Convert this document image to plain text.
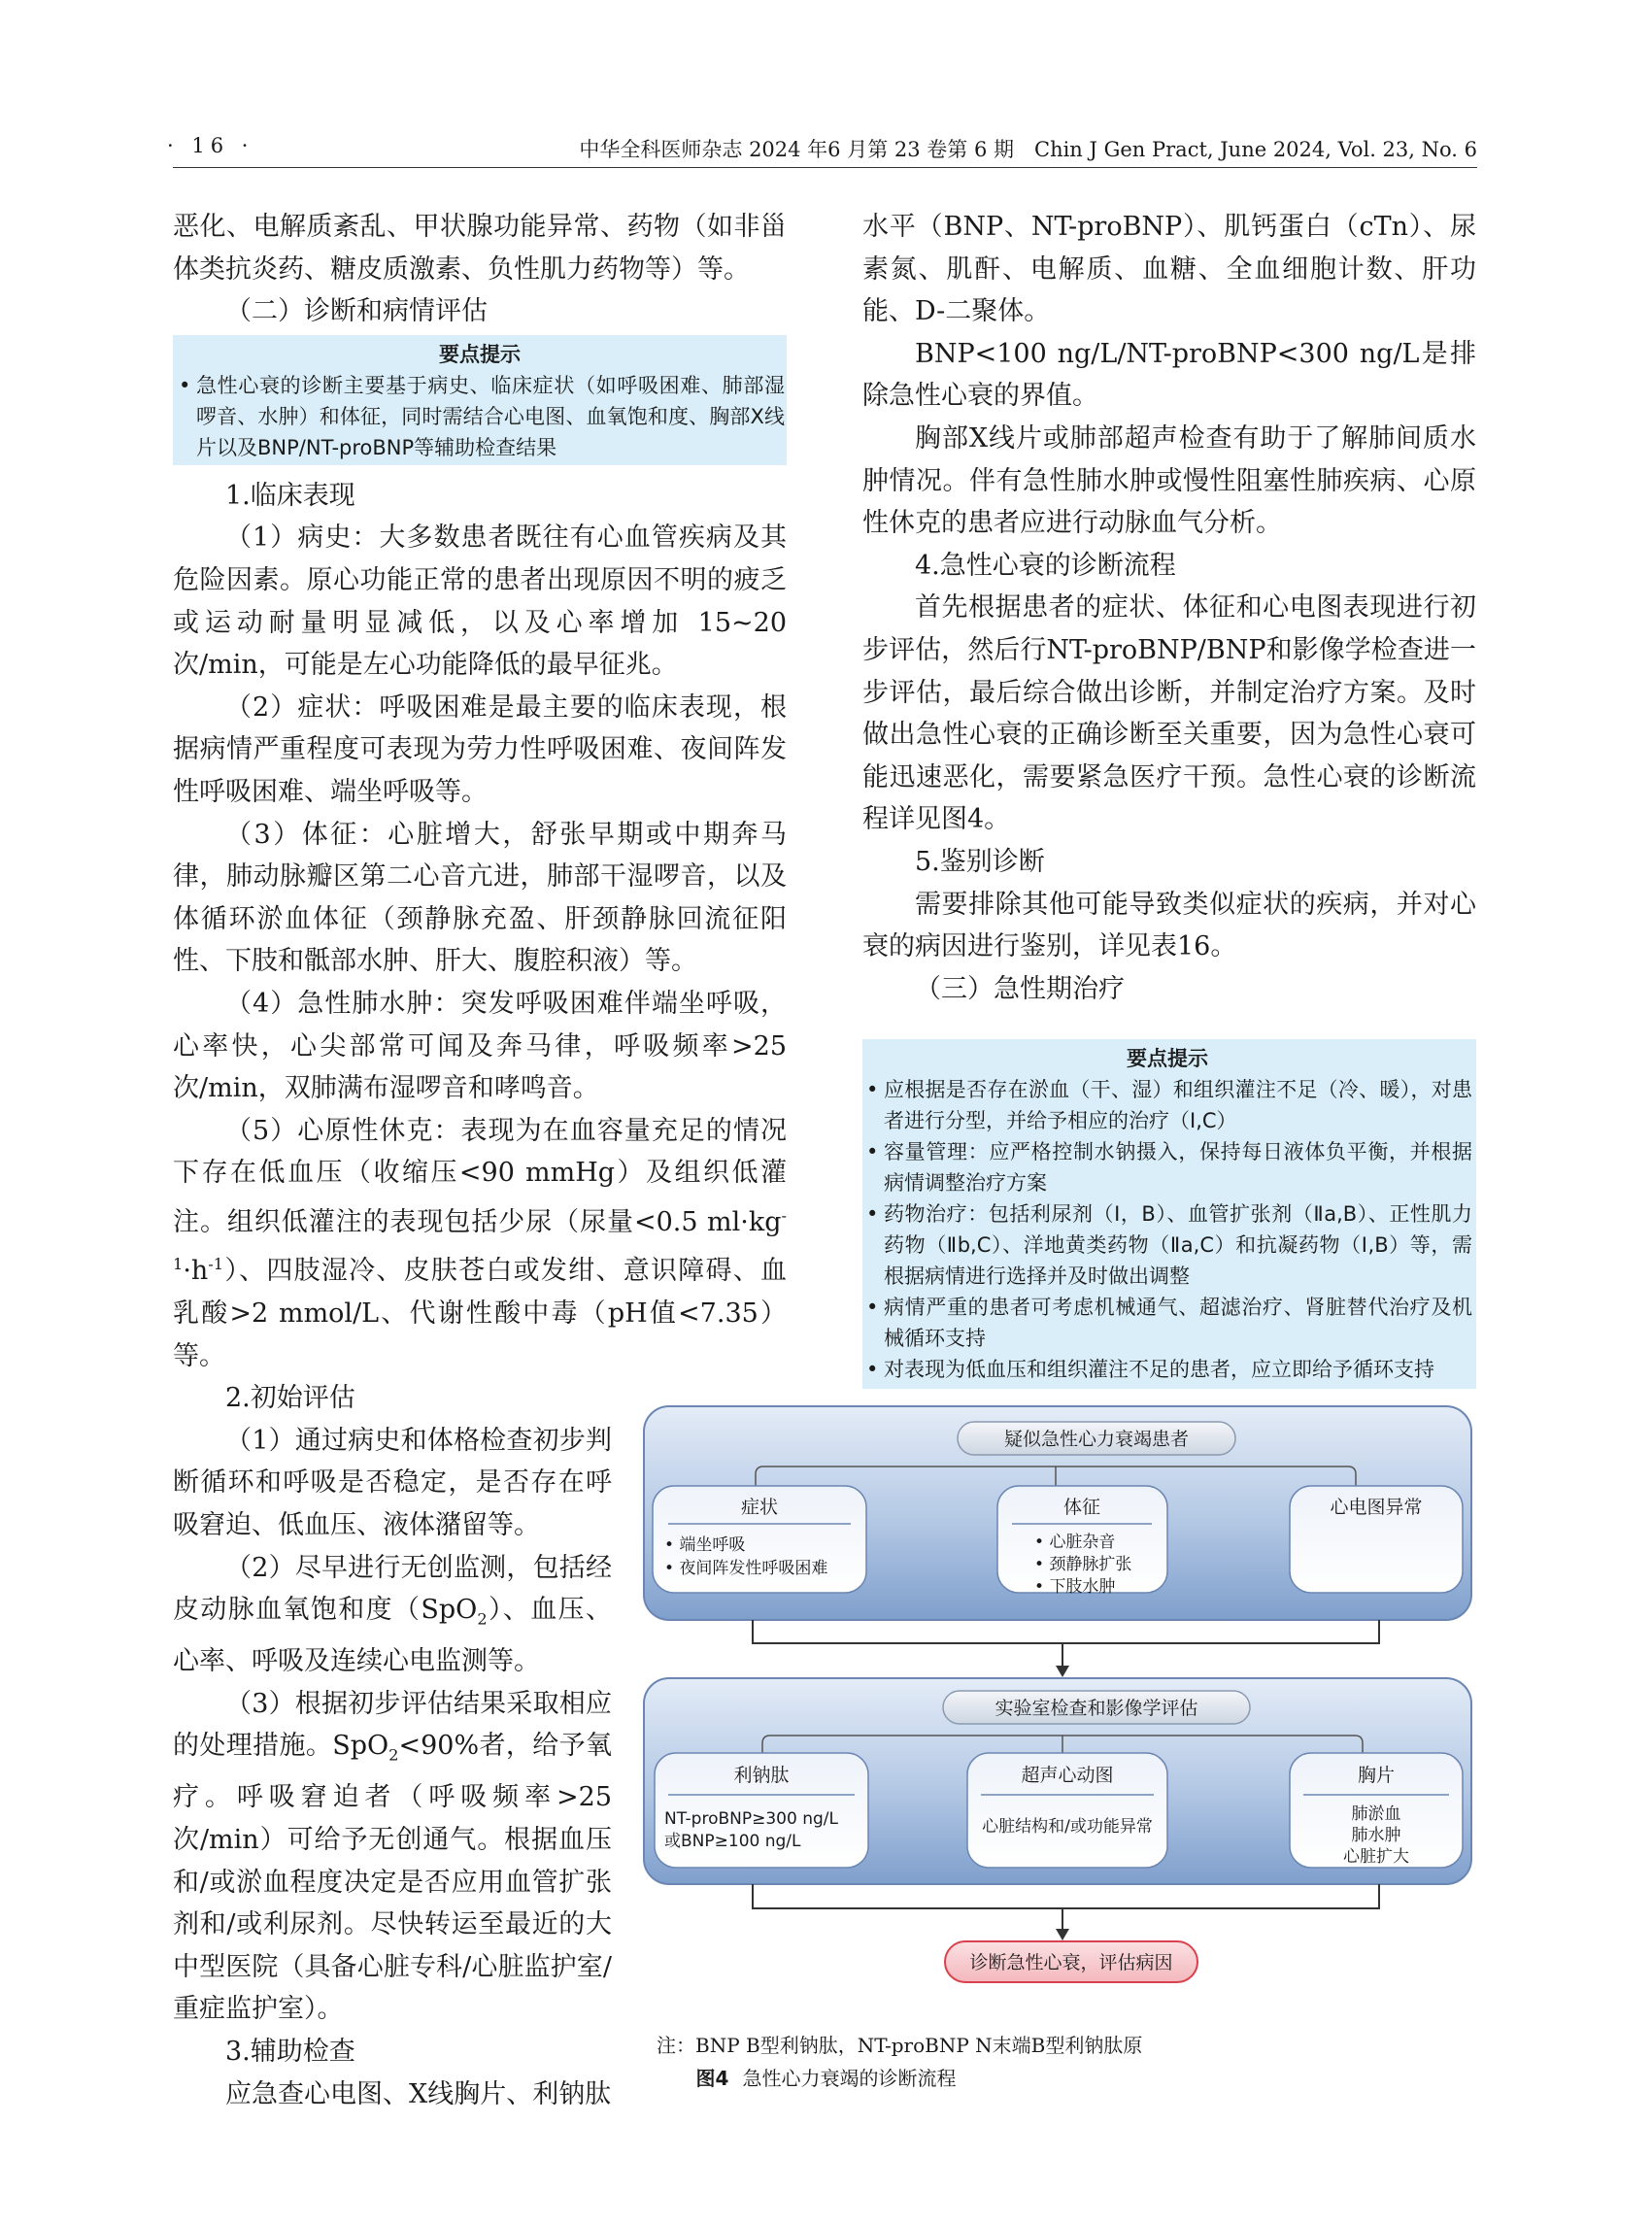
· 16 ·	中华全科医师杂志 2024 年6 月第 23 卷第 6 期　Chin J Gen Pract, June 2024, Vol. 23, No. 6

恶化、电解质紊乱、甲状腺功能异常、药物（如非甾体类抗炎药、糖皮质激素、负性肌力药物等）等。

（二）诊断和病情评估

要点提示
• 急性心衰的诊断主要基于病史、临床症状（如呼吸困难、肺部湿啰音、水肿）和体征，同时需结合心电图、血氧饱和度、胸部X线片以及BNP/NT-proBNP等辅助检查结果

1.临床表现

（1）病史：大多数患者既往有心血管疾病及其危险因素。原心功能正常的患者出现原因不明的疲乏或运动耐量明显减低，以及心率增加 15~20次/min，可能是左心功能降低的最早征兆。

（2）症状：呼吸困难是最主要的临床表现，根据病情严重程度可表现为劳力性呼吸困难、夜间阵发性呼吸困难、端坐呼吸等。

（3）体征：心脏增大，舒张早期或中期奔马律，肺动脉瓣区第二心音亢进，肺部干湿啰音，以及体循环淤血体征（颈静脉充盈、肝颈静脉回流征阳性、下肢和骶部水肿、肝大、腹腔积液）等。

（4）急性肺水肿：突发呼吸困难伴端坐呼吸，心率快，心尖部常可闻及奔马律，呼吸频率>25次/min，双肺满布湿啰音和哮鸣音。

（5）心原性休克：表现为在血容量充足的情况下存在低血压（收缩压<90 mmHg）及组织低灌注。组织低灌注的表现包括少尿（尿量<0.5 $ml\cdot kg^{-1}\cdot h^{-1}$）、四肢湿冷、皮肤苍白或发绀、意识障碍、血乳酸>2 mmol/L、代谢性酸中毒（pH值<7.35）等。

2.初始评估

（1）通过病史和体格检查初步判断循环和呼吸是否稳定，是否存在呼吸窘迫、低血压、液体潴留等。

（2）尽早进行无创监测，包括经皮动脉血氧饱和度（SpO$_2$）、血压、心率、呼吸及连续心电监测等。

（3）根据初步评估结果采取相应的处理措施。SpO$_2$<90%者，给予氧疗。呼吸窘迫者（呼吸频率>25次/min）可给予无创通气。根据血压和/或淤血程度决定是否应用血管扩张剂和/或利尿剂。尽快转运至最近的大中型医院（具备心脏专科/心脏监护室/重症监护室）。

3.辅助检查

应急查心电图、X线胸片、利钠肽

水平（BNP、NT-proBNP）、肌钙蛋白（cTn）、尿素氮、肌酐、电解质、血糖、全血细胞计数、肝功能、D-二聚体。

BNP<100 ng/L/NT-proBNP<300 ng/L是排除急性心衰的界值。

胸部X线片或肺部超声检查有助于了解肺间质水肿情况。伴有急性肺水肿或慢性阻塞性肺疾病、心原性休克的患者应进行动脉血气分析。

4.急性心衰的诊断流程

首先根据患者的症状、体征和心电图表现进行初步评估，然后行NT-proBNP/BNP和影像学检查进一步评估，最后综合做出诊断，并制定治疗方案。及时做出急性心衰的正确诊断至关重要，因为急性心衰可能迅速恶化，需要紧急医疗干预。急性心衰的诊断流程详见图4。

5.鉴别诊断

需要排除其他可能导致类似症状的疾病，并对心衰的病因进行鉴别，详见表16。

（三）急性期治疗

要点提示
• 应根据是否存在淤血（干、湿）和组织灌注不足（冷、暖），对患者进行分型，并给予相应的治疗（Ⅰ,C）
• 容量管理：应严格控制水钠摄入，保持每日液体负平衡，并根据病情调整治疗方案
• 药物治疗：包括利尿剂（Ⅰ，B）、血管扩张剂（Ⅱa,B）、正性肌力药物（Ⅱb,C）、洋地黄类药物（Ⅱa,C）和抗凝药物（Ⅰ,B）等，需根据病情进行选择并及时做出调整
• 病情严重的患者可考虑机械通气、超滤治疗、肾脏替代治疗及机械循环支持
• 对表现为低血压和组织灌注不足的患者，应立即给予循环支持
疑似急性心力衰竭患者
症状
• 端坐呼吸
• 夜间阵发性呼吸困难
体征
• 心脏杂音
• 颈静脉扩张
• 下肢水肿
心电图异常
实验室检查和影像学评估
利钠肽
NT-proBNP≥300 ng/L
或BNP≥100 ng/L
超声心动图
心脏结构和/或功能异常
胸片
肺淤血
肺水肿
心脏扩大
诊断急性心衰，评估病因
注：BNP B型利钠肽，NT-proBNP N末端B型利钠肽原
图4 急性心力衰竭的诊断流程
